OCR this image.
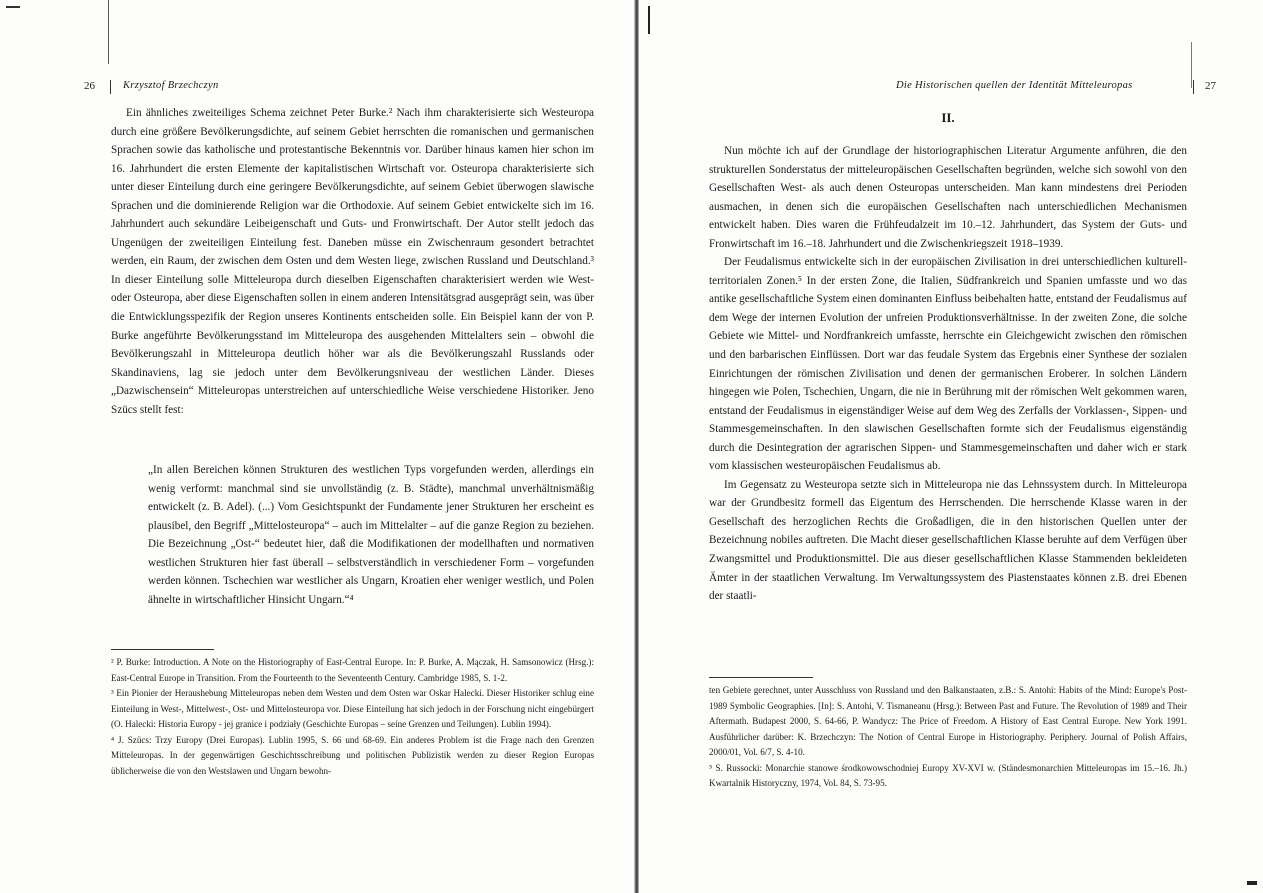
26	Krzysztof Brzechczyn

Ein ähnliches zweiteiliges Schema zeichnet Peter Burke.² Nach ihm charakterisierte sich Westeuropa durch eine größere Bevölkerungsdichte, auf seinem Gebiet herrschten die romanischen und germanischen Sprachen sowie das katholische und protestantische Bekenntnis vor. Darüber hinaus kamen hier schon im 16. Jahrhundert die ersten Elemente der kapitalistischen Wirtschaft vor. Osteuropa charakterisierte sich unter dieser Einteilung durch eine geringere Bevölkerungsdichte, auf seinem Gebiet überwogen slawische Sprachen und die dominierende Religion war die Orthodoxie. Auf seinem Gebiet entwickelte sich im 16. Jahrhundert auch sekundäre Leibeigenschaft und Guts- und Fronwirtschaft. Der Autor stellt jedoch das Ungenügen der zweiteiligen Einteilung fest. Daneben müsse ein Zwischenraum gesondert betrachtet werden, ein Raum, der zwischen dem Osten und dem Westen liege, zwischen Russland und Deutschland.³ In dieser Einteilung solle Mitteleuropa durch dieselben Eigenschaften charakterisiert werden wie West- oder Osteuropa, aber diese Eigenschaften sollen in einem anderen Intensitätsgrad ausgeprägt sein, was über die Entwicklungsspezifik der Region unseres Kontinents entscheiden solle. Ein Beispiel kann der von P. Burke angeführte Bevölkerungsstand im Mitteleuropa des ausgehenden Mittelalters sein – obwohl die Bevölkerungszahl in Mitteleuropa deutlich höher war als die Bevölkerungszahl Russlands oder Skandinaviens, lag sie jedoch unter dem Bevölkerungsniveau der westlichen Länder. Dieses „Dazwischensein“ Mitteleuropas unterstreichen auf unterschiedliche Weise verschiedene Historiker. Jeno Szücs stellt fest:

„In allen Bereichen können Strukturen des westlichen Typs vorgefunden werden, allerdings ein wenig verformt: manchmal sind sie unvollständig (z. B. Städte), manchmal unverhältnismäßig entwickelt (z. B. Adel). (...) Vom Gesichtspunkt der Fundamente jener Strukturen her erscheint es plausibel, den Begriff „Mittelosteuropa“ – auch im Mittelalter – auf die ganze Region zu beziehen. Die Bezeichnung „Ost-“ bedeutet hier, daß die Modifikationen der modellhaften und normativen westlichen Strukturen hier fast überall – selbstverständlich in verschiedener Form – vorgefunden werden können. Tschechien war westlicher als Ungarn, Kroatien eher weniger westlich, und Polen ähnelte in wirtschaftlicher Hinsicht Ungarn.“⁴

² P. Burke: Introduction. A Note on the Historiography of East-Central Europe. In: P. Burke, A. Mączak, H. Samsonowicz (Hrsg.): East-Central Europe in Transition. From the Fourteenth to the Seventeenth Century. Cambridge 1985, S. 1-2.

³ Ein Pionier der Heraushebung Mitteleuropas neben dem Westen und dem Osten war Oskar Halecki. Dieser Historiker schlug eine Einteilung in West-, Mittelwest-, Ost- und Mittelosteuropa vor. Diese Einteilung hat sich jedoch in der Forschung nicht eingebürgert (O. Halecki: Historia Europy - jej granice i podziały (Geschichte Europas – seine Grenzen und Teilungen). Lublin 1994).

⁴ J. Szücs: Trzy Europy (Drei Europas). Lublin 1995, S. 66 und 68-69. Ein anderes Problem ist die Frage nach den Grenzen Mitteleuropas. In der gegenwärtigen Geschichtsschreibung und politischen Publizistik werden zu dieser Region Europas üblicherweise die von den Westslawen und Ungarn bewohn-

Die Historischen quellen der Identität Mitteleuropas	27
II.

Nun möchte ich auf der Grundlage der historiographischen Literatur Argumente anführen, die den strukturellen Sonderstatus der mitteleuropäischen Gesellschaften begründen, welche sich sowohl von den Gesellschaften West- als auch denen Osteuropas unterscheiden. Man kann mindestens drei Perioden ausmachen, in denen sich die europäischen Gesellschaften nach unterschiedlichen Mechanismen entwickelt haben. Dies waren die Frühfeudalzeit im 10.–12. Jahrhundert, das System der Guts- und Fronwirtschaft im 16.–18. Jahrhundert und die Zwischenkriegszeit 1918–1939.

Der Feudalismus entwickelte sich in der europäischen Zivilisation in drei unterschiedlichen kulturell-territorialen Zonen.⁵ In der ersten Zone, die Italien, Südfrankreich und Spanien umfasste und wo das antike gesellschaftliche System einen dominanten Einfluss beibehalten hatte, entstand der Feudalismus auf dem Wege der internen Evolution der unfreien Produktionsverhältnisse. In der zweiten Zone, die solche Gebiete wie Mittel- und Nordfrankreich umfasste, herrschte ein Gleichgewicht zwischen den römischen und den barbarischen Einflüssen. Dort war das feudale System das Ergebnis einer Synthese der sozialen Einrichtungen der römischen Zivilisation und denen der germanischen Eroberer. In solchen Ländern hingegen wie Polen, Tschechien, Ungarn, die nie in Berührung mit der römischen Welt gekommen waren, entstand der Feudalismus in eigenständiger Weise auf dem Weg des Zerfalls der Vorklassen-, Sippen- und Stammesgemeinschaften. In den slawischen Gesellschaften formte sich der Feudalismus eigenständig durch die Desintegration der agrarischen Sippen- und Stammesgemeinschaften und daher wich er stark vom klassischen westeuropäischen Feudalismus ab.

Im Gegensatz zu Westeuropa setzte sich in Mitteleuropa nie das Lehnssystem durch. In Mitteleuropa war der Grundbesitz formell das Eigentum des Herrschenden. Die herrschende Klasse waren in der Gesellschaft des herzoglichen Rechts die Großadligen, die in den historischen Quellen unter der Bezeichnung nobiles auftreten. Die Macht dieser gesellschaftlichen Klasse beruhte auf dem Verfügen über Zwangsmittel und Produktionsmittel. Die aus dieser gesellschaftlichen Klasse Stammenden bekleideten Ämter in der staatlichen Verwaltung. Im Verwaltungssystem des Piastenstaates können z.B. drei Ebenen der staatli-

ten Gebiete gerechnet, unter Ausschluss von Russland und den Balkanstaaten, z.B.: S. Antohi: Habits of the Mind: Europe's Post-1989 Symbolic Geographies. [In]: S. Antohi, V. Tismaneanu (Hrsg.): Between Past and Future. The Revolution of 1989 and Their Aftermath. Budapest 2000, S. 64-66, P. Wandycz: The Price of Freedom. A History of East Central Europe. New York 1991. Ausführlicher darüber: K. Brzechczyn: The Notion of Central Europe in Historiography. Periphery. Journal of Polish Affairs, 2000/01, Vol. 6/7, S. 4-10.

⁵ S. Russocki: Monarchie stanowe środkowowschodniej Europy XV-XVI w. (Ständesmonarchien Mitteleuropas im 15.–16. Jh.) Kwartalnik Historyczny, 1974, Vol. 84, S. 73-95.
